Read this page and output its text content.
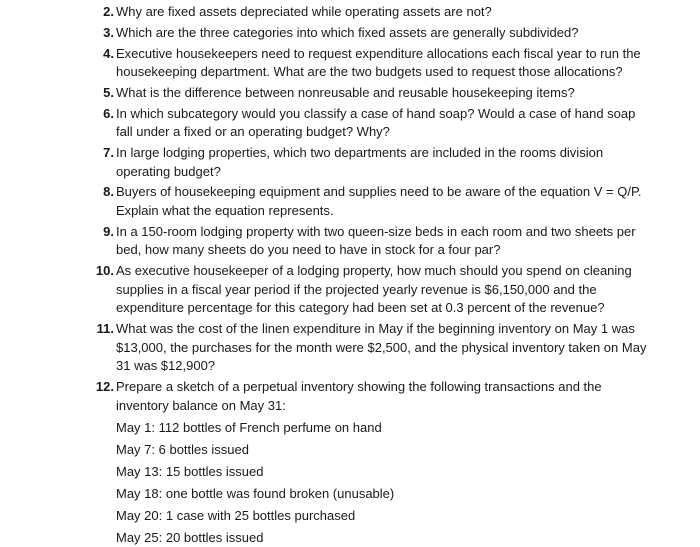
2. Why are fixed assets depreciated while operating assets are not?
3. Which are the three categories into which fixed assets are generally subdivided?
4. Executive housekeepers need to request expenditure allocations each fiscal year to run the housekeeping department. What are the two budgets used to request those allocations?
5. What is the difference between nonreusable and reusable housekeeping items?
6. In which subcategory would you classify a case of hand soap? Would a case of hand soap fall under a fixed or an operating budget? Why?
7. In large lodging properties, which two departments are included in the rooms division operating budget?
8. Buyers of housekeeping equipment and supplies need to be aware of the equation V = Q/P. Explain what the equation represents.
9. In a 150-room lodging property with two queen-size beds in each room and two sheets per bed, how many sheets do you need to have in stock for a four par?
10. As executive housekeeper of a lodging property, how much should you spend on cleaning supplies in a fiscal year period if the projected yearly revenue is $6,150,000 and the expenditure percentage for this category had been set at 0.3 percent of the revenue?
11. What was the cost of the linen expenditure in May if the beginning inventory on May 1 was $13,000, the purchases for the month were $2,500, and the physical inventory taken on May 31 was $12,900?
12. Prepare a sketch of a perpetual inventory showing the following transactions and the inventory balance on May 31:
May 1: 112 bottles of French perfume on hand
May 7: 6 bottles issued
May 13: 15 bottles issued
May 18: one bottle was found broken (unusable)
May 20: 1 case with 25 bottles purchased
May 25: 20 bottles issued
